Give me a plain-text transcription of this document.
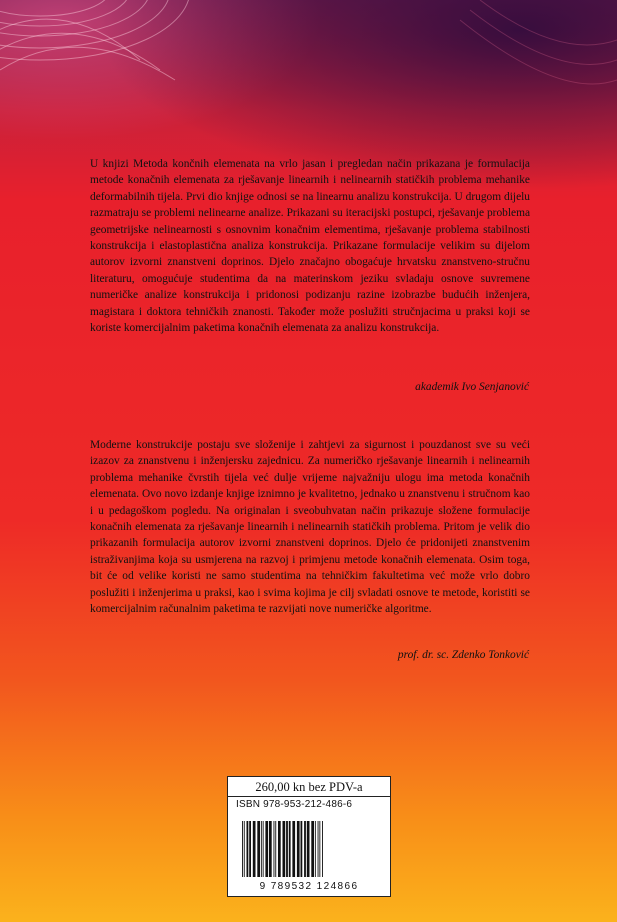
U knjizi Metoda končnih elemenata na vrlo jasan i pregledan način prikazana je formulacija metode konačnih elemenata za rješavanje linearnih i nelinearnih statičkih problema mehanike deformabilnih tijela. Prvi dio knjige odnosi se na linearnu analizu konstrukcija. U drugom dijelu razmatraju se problemi nelinearne analize. Prikazani su iteracijski postupci, rješavanje problema geometrijske nelinearnosti s osnovnim konačnim elementima, rješavanje problema stabilnosti konstrukcija i elastoplastična analiza konstrukcija. Prikazane formulacije velikim su dijelom autorov izvorni znanstveni doprinos. Djelo značajno obogaćuje hrvatsku znanstveno-stručnu literaturu, omogućuje studentima da na materinskom jeziku svladaju osnove suvremene numeričke analize konstrukcija i pridonosi podizanju razine izobrazbe budućih inženjera, magistara i doktora tehničkih znanosti. Također može poslužiti stručnjacima u praksi koji se koriste komercijalnim paketima konačnih elemenata za analizu konstrukcija.

akademik Ivo Senjanović

Moderne konstrukcije postaju sve složenije i zahtjevi za sigurnost i pouzdanost sve su veći izazov za znanstvenu i inženjersku zajednicu. Za numeričko rješavanje linearnih i nelinearnih problema mehanike čvrstih tijela već dulje vrijeme najvažniju ulogu ima metoda konačnih elemenata. Ovo novo izdanje knjige iznimno je kvalitetno, jednako u znanstvenu i stručnom kao i u pedagoškom pogledu. Na originalan i sveobuhvatan način prikazuje složene formulacije konačnih elemenata za rješavanje linearnih i nelinearnih statičkih problema. Pritom je velik dio prikazanih formulacija autorov izvorni znanstveni doprinos. Djelo će pridonijeti znanstvenim istraživanjima koja su usmjerena na razvoj i primjenu metode konačnih elemenata. Osim toga, bit će od velike koristi ne samo studentima na tehničkim fakultetima već može vrlo dobro poslužiti i inženjerima u praksi, kao i svima kojima je cilj svladati osnove te metode, koristiti se komercijalnim računalnim paketima te razvijati nove numeričke algoritme.

prof. dr. sc. Zdenko Tonković
260,00 kn bez PDV-a
ISBN 978-953-212-486-6
9 789532 124866
